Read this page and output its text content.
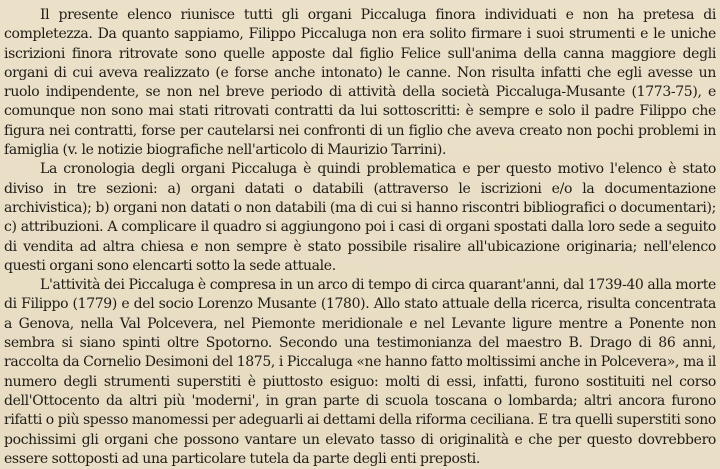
Il presente elenco riunisce tutti gli organi Piccaluga finora individuati e non ha pretesa di completezza. Da quanto sappiamo, Filippo Piccaluga non era solito firmare i suoi strumenti e le uniche iscrizioni finora ritrovate sono quelle apposte dal figlio Felice sull'anima della canna maggiore degli organi di cui aveva realizzato (e forse anche intonato) le canne. Non risulta infatti che egli avesse un ruolo indipendente, se non nel breve periodo di attività della società Piccaluga-Musante (1773-75), e comunque non sono mai stati ritrovati contratti da lui sottoscritti: è sempre e solo il padre Filippo che figura nei contratti, forse per cautelarsi nei confronti di un figlio che aveva creato non pochi problemi in famiglia (v. le notizie biografiche nell'articolo di Maurizio Tarrini).

La cronologia degli organi Piccaluga è quindi problematica e per questo motivo l'elenco è stato diviso in tre sezioni: a) organi datati o databili (attraverso le iscrizioni e/o la documentazione archivistica); b) organi non datati o non databili (ma di cui si hanno riscontri bibliografici o documentari); c) attribuzioni. A complicare il quadro si aggiungono poi i casi di organi spostati dalla loro sede a seguito di vendita ad altra chiesa e non sempre è stato possibile risalire all'ubicazione originaria; nell'elenco questi organi sono elencarti sotto la sede attuale.

L'attività dei Piccaluga è compresa in un arco di tempo di circa quarant'anni, dal 1739-40 alla morte di Filippo (1779) e del socio Lorenzo Musante (1780). Allo stato attuale della ricerca, risulta concentrata a Genova, nella Val Polcevera, nel Piemonte meridionale e nel Levante ligure mentre a Ponente non sembra si siano spinti oltre Spotorno. Secondo una testimonianza del maestro B. Drago di 86 anni, raccolta da Cornelio Desimoni del 1875, i Piccaluga «ne hanno fatto moltissimi anche in Polcevera», ma il numero degli strumenti superstiti è piuttosto esiguo: molti di essi, infatti, furono sostituiti nel corso dell'Ottocento da altri più 'moderni', in gran parte di scuola toscana o lombarda; altri ancora furono rifatti o più spesso manomessi per adeguarli ai dettami della riforma ceciliana. E tra quelli superstiti sono pochissimi gli organi che possono vantare un elevato tasso di originalità e che per questo dovrebbero essere sottoposti ad una particolare tutela da parte degli enti preposti.
